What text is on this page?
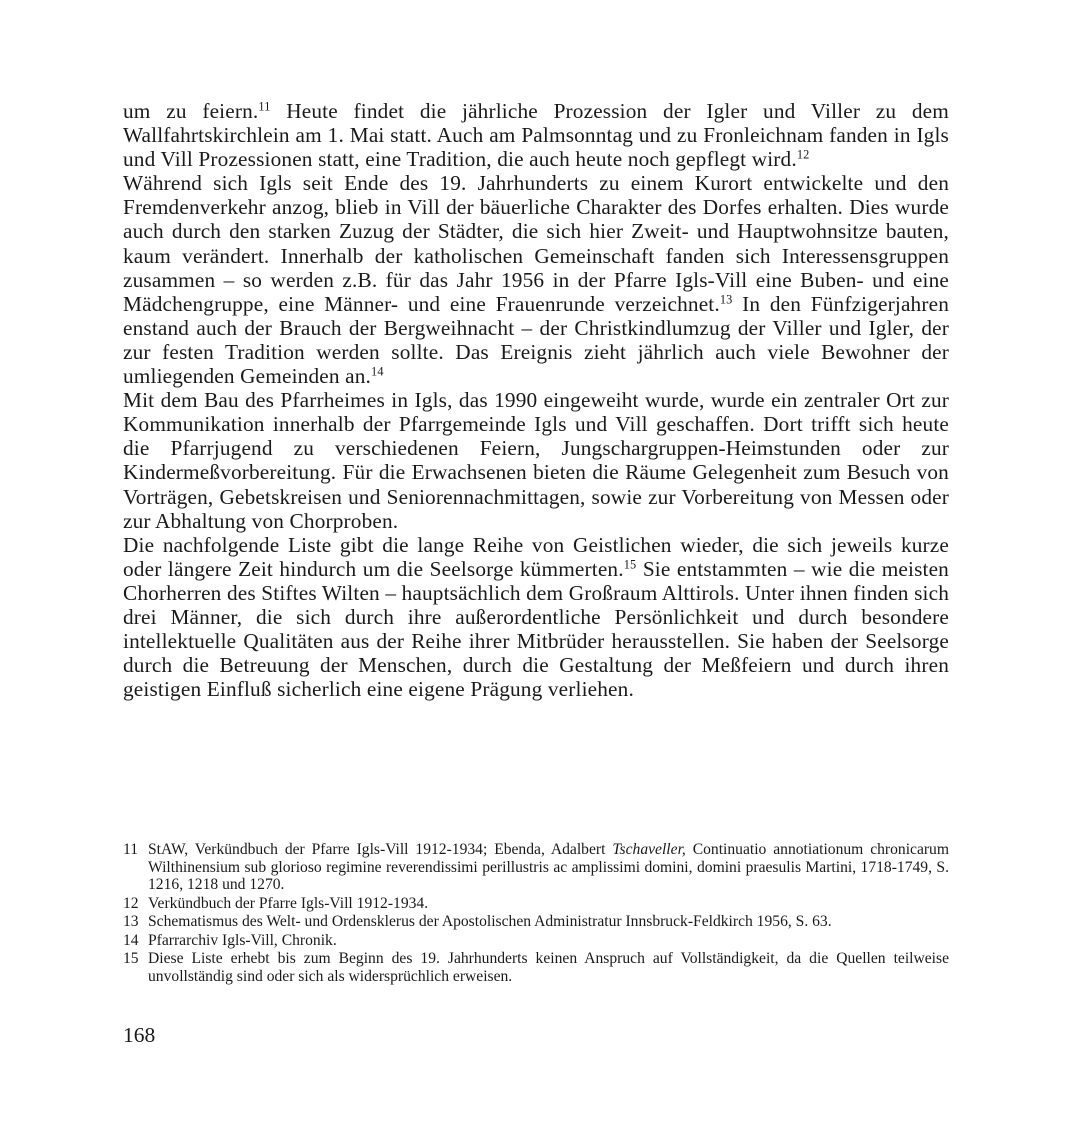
um zu feiern.$^{11}$ Heute findet die jährliche Prozession der Igler und Viller zu dem Wallfahrtskirchlein am 1. Mai statt. Auch am Palmsonntag und zu Fronleichnam fanden in Igls und Vill Prozessionen statt, eine Tradition, die auch heute noch gepflegt wird.$^{12}$

Während sich Igls seit Ende des 19. Jahrhunderts zu einem Kurort entwickelte und den Fremdenverkehr anzog, blieb in Vill der bäuerliche Charakter des Dorfes erhalten. Dies wurde auch durch den starken Zuzug der Städter, die sich hier Zweit- und Hauptwohnsitze bauten, kaum verändert. Innerhalb der katholischen Gemeinschaft fanden sich Interessensgruppen zusammen – so werden z.B. für das Jahr 1956 in der Pfarre Igls-Vill eine Buben- und eine Mädchengruppe, eine Männer- und eine Frauenrunde verzeichnet.$^{13}$ In den Fünfzigerjahren enstand auch der Brauch der Bergweihnacht – der Christkindlumzug der Viller und Igler, der zur festen Tradition werden sollte. Das Ereignis zieht jährlich auch viele Bewohner der umliegenden Gemeinden an.$^{14}$

Mit dem Bau des Pfarrheimes in Igls, das 1990 eingeweiht wurde, wurde ein zentraler Ort zur Kommunikation innerhalb der Pfarrgemeinde Igls und Vill geschaffen. Dort trifft sich heute die Pfarrjugend zu verschiedenen Feiern, Jungschargruppen-Heimstunden oder zur Kindermeßvorbereitung. Für die Erwachsenen bieten die Räume Gelegenheit zum Besuch von Vorträgen, Gebetskreisen und Seniorennachmittagen, sowie zur Vorbereitung von Messen oder zur Abhaltung von Chorproben.

Die nachfolgende Liste gibt die lange Reihe von Geistlichen wieder, die sich jeweils kurze oder längere Zeit hindurch um die Seelsorge kümmerten.$^{15}$ Sie entstammten – wie die meisten Chorherren des Stiftes Wilten – hauptsächlich dem Großraum Alttirols. Unter ihnen finden sich drei Männer, die sich durch ihre außerordentliche Persönlichkeit und durch besondere intellektuelle Qualitäten aus der Reihe ihrer Mitbrüder herausstellen. Sie haben der Seelsorge durch die Betreuung der Menschen, durch die Gestaltung der Meßfeiern und durch ihren geistigen Einfluß sicherlich eine eigene Prägung verliehen.

11 StAW, Verkündbuch der Pfarre Igls-Vill 1912-1934; Ebenda, Adalbert Tschaveller, Continuatio annotiationum chronicarum Wilthinensium sub glorioso regimine reverendissimi perillustris ac amplissimi domini, domini praesulis Martini, 1718-1749, S. 1216, 1218 und 1270.
12 Verkündbuch der Pfarre Igls-Vill 1912-1934.
13 Schematismus des Welt- und Ordensklerus der Apostolischen Administratur Innsbruck-Feldkirch 1956, S. 63.
14 Pfarrarchiv Igls-Vill, Chronik.
15 Diese Liste erhebt bis zum Beginn des 19. Jahrhunderts keinen Anspruch auf Vollständigkeit, da die Quellen teilweise unvollständig sind oder sich als widersprüchlich erweisen.
168
